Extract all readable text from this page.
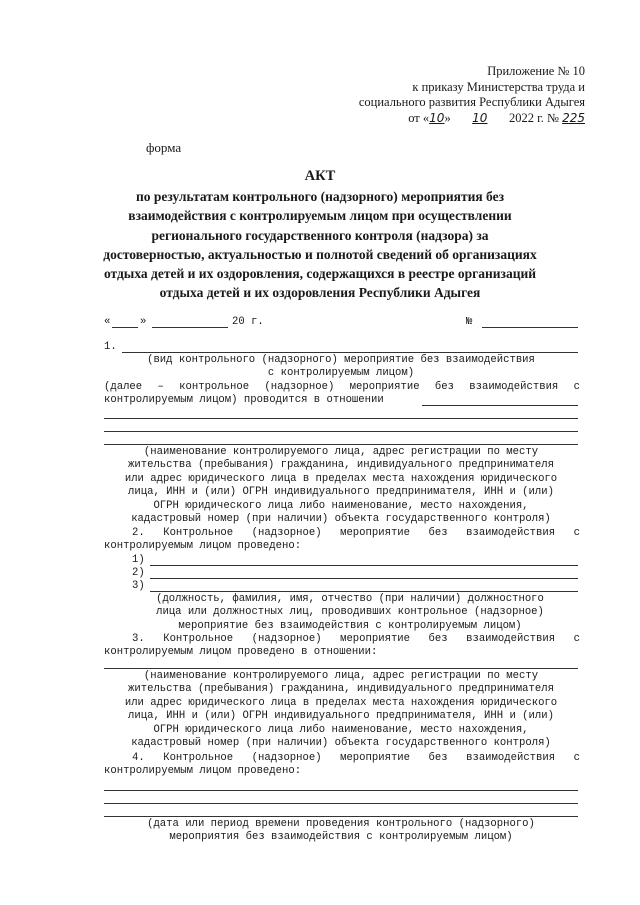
Приложение № 10
к приказу Министерства труда и
социального развития Республики Адыгея
от «10» 10 2022 г. № 225
форма
АКТ
по результатам контрольного (надзорного) мероприятия без
взаимодействия с контролируемым лицом при осуществлении
регионального государственного контроля (надзора) за
достоверностью, актуальностью и полнотой сведений об организациях
отдыха детей и их оздоровления, содержащихся в реестре организаций
отдыха детей и их оздоровления Республики Адыгея
«	»	20 г.	№
1.
(вид контрольного (надзорного) мероприятие без взаимодействия
с контролируемым лицом)
(далее – контрольное (надзорное) мероприятие без взаимодействия с
контролируемым лицом) проводится в отношении
(наименование контролируемого лица, адрес регистрации по месту
жительства (пребывания) гражданина, индивидуального предпринимателя
или адрес юридического лица в пределах места нахождения юридического
лица, ИНН и (или) ОГРН индивидуального предпринимателя, ИНН и (или)
ОГРН юридического лица либо наименование, место нахождения,
кадастровый номер (при наличии) объекта государственного контроля)
2. Контрольное (надзорное) мероприятие без взаимодействия с
контролируемым лицом проведено:
1)
2)
3)
(должность, фамилия, имя, отчество (при наличии) должностного
лица или должностных лиц, проводивших контрольное (надзорное)
мероприятие без взаимодействия с контролируемым лицом)
3. Контрольное (надзорное) мероприятие без взаимодействия с
контролируемым лицом проведено в отношении:
(наименование контролируемого лица, адрес регистрации по месту
жительства (пребывания) гражданина, индивидуального предпринимателя
или адрес юридического лица в пределах места нахождения юридического
лица, ИНН и (или) ОГРН индивидуального предпринимателя, ИНН и (или)
ОГРН юридического лица либо наименование, место нахождения,
кадастровый номер (при наличии) объекта государственного контроля)
4. Контрольное (надзорное) мероприятие без взаимодействия с
контролируемым лицом проведено:
(дата или период времени проведения контрольного (надзорного)
мероприятия без взаимодействия с контролируемым лицом)
